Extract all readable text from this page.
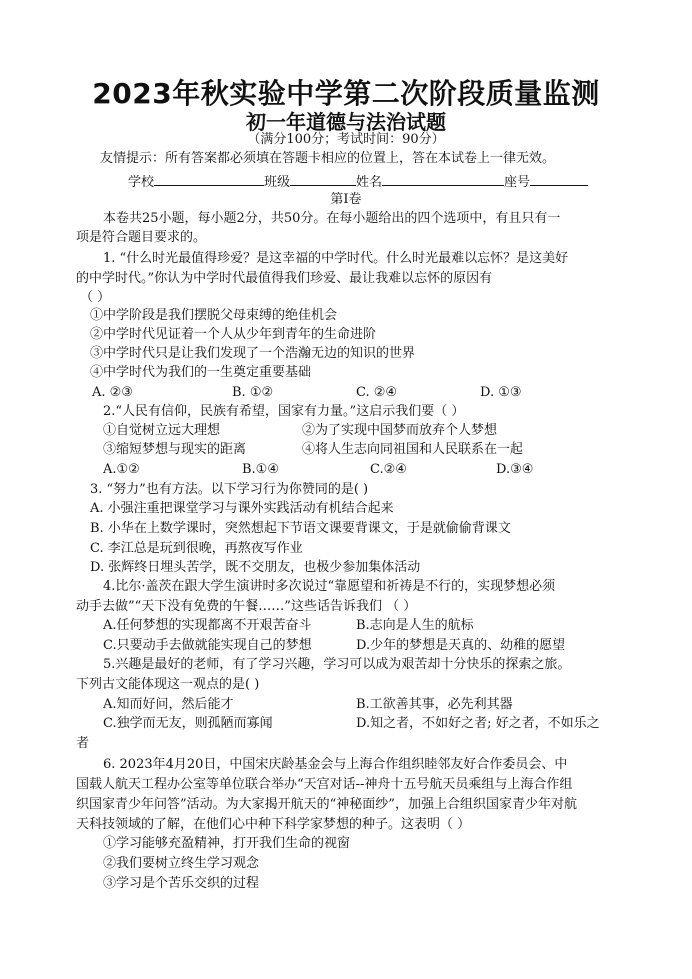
2023年秋实验中学第二次阶段质量监测
初一年道德与法治试题
（满分100分；考试时间：90分）
友情提示：所有答案都必须填在答题卡相应的位置上，答在本试卷上一律无效。
学校	班级	姓名	座号
第Ⅰ卷
本卷共25小题，每小题2分，共50分。在每小题给出的四个选项中，有且只有一
项是符合题目要求的。
1. “什么时光最值得珍爱？是这幸福的中学时代。什么时光最难以忘怀？是这美好
的中学时代。”你认为中学时代最值得我们珍爱、最让我难以忘怀的原因有
（ ）
①中学阶段是我们摆脱父母束缚的绝佳机会
②中学时代见证着一个人从少年到青年的生命进阶
③中学时代只是让我们发现了一个浩瀚无边的知识的世界
④中学时代为我们的一生奠定重要基础
A. ②③	B. ①②	C. ②④	D. ①③
2.“人民有信仰，民族有希望，国家有力量。”这启示我们要（ ）
①自觉树立远大理想	②为了实现中国梦而放弃个人梦想
③缩短梦想与现实的距离	④将人生志向同祖国和人民联系在一起
A.①②	B.①④	C.②④	D.③④
3. “努力”也有方法。以下学习行为你赞同的是( )
A. 小强注重把课堂学习与课外实践活动有机结合起来
B. 小华在上数学课时，突然想起下节语文课要背课文，于是就偷偷背课文
C. 李江总是玩到很晚，再熬夜写作业
D. 张辉终日埋头苦学，既不交朋友，也极少参加集体活动
4.比尔·盖茨在跟大学生演讲时多次说过“靠愿望和祈祷是不行的，实现梦想必须
动手去做”“天下没有免费的午餐……”这些话告诉我们 （ ）
A.任何梦想的实现都离不开艰苦奋斗	B.志向是人生的航标
C.只要动手去做就能实现自己的梦想	D.少年的梦想是天真的、幼稚的愿望
5.兴趣是最好的老师，有了学习兴趣，学习可以成为艰苦却十分快乐的探索之旅。
下列古文能体现这一观点的是( )
A.知而好问，然后能才	B.工欲善其事，必先利其器
C.独学而无友，则孤陋而寡闻	D.知之者，不如好之者; 好之者，不如乐之
者
6. 2023年4月20日，中国宋庆龄基金会与上海合作组织睦邻友好合作委员会、中
国载人航天工程办公室等单位联合举办“天宫对话--神舟十五号航天员乘组与上海合作组
织国家青少年问答”活动。为大家揭开航天的“神秘面纱”，加强上合组织国家青少年对航
天科技领域的了解，在他们心中种下科学家梦想的种子。这表明（ ）
①学习能够充盈精神，打开我们生命的视窗
②我们要树立终生学习观念
③学习是个苦乐交织的过程
